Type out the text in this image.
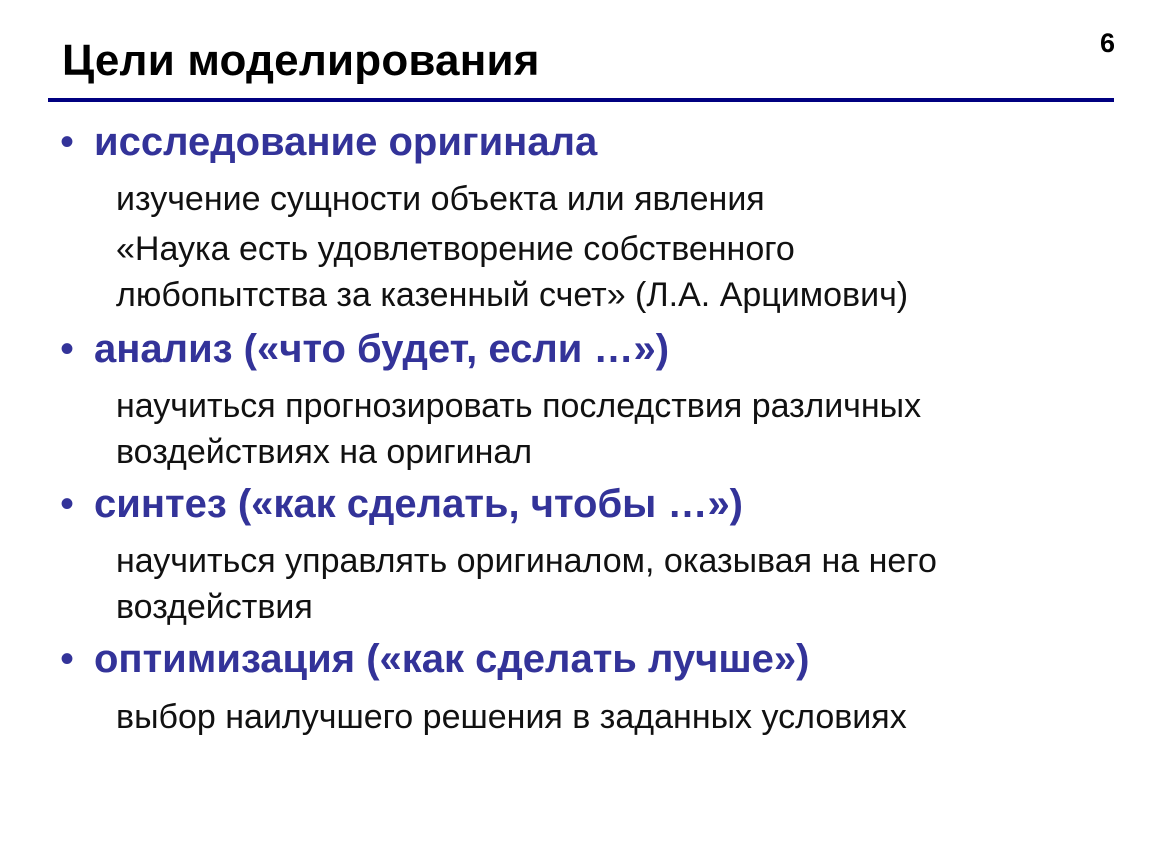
Цели моделирования	6
• исследование оригинала
изучение сущности объекта или явления
«Наука есть удовлетворение собственного
любопытства за казенный счет» (Л.А. Арцимович)
• анализ («что будет, если …»)
научиться прогнозировать последствия различных
воздействиях на оригинал
• синтез («как сделать, чтобы …»)
научиться управлять оригиналом, оказывая на него
воздействия
• оптимизация («как сделать лучше»)
выбор наилучшего решения в заданных условиях
